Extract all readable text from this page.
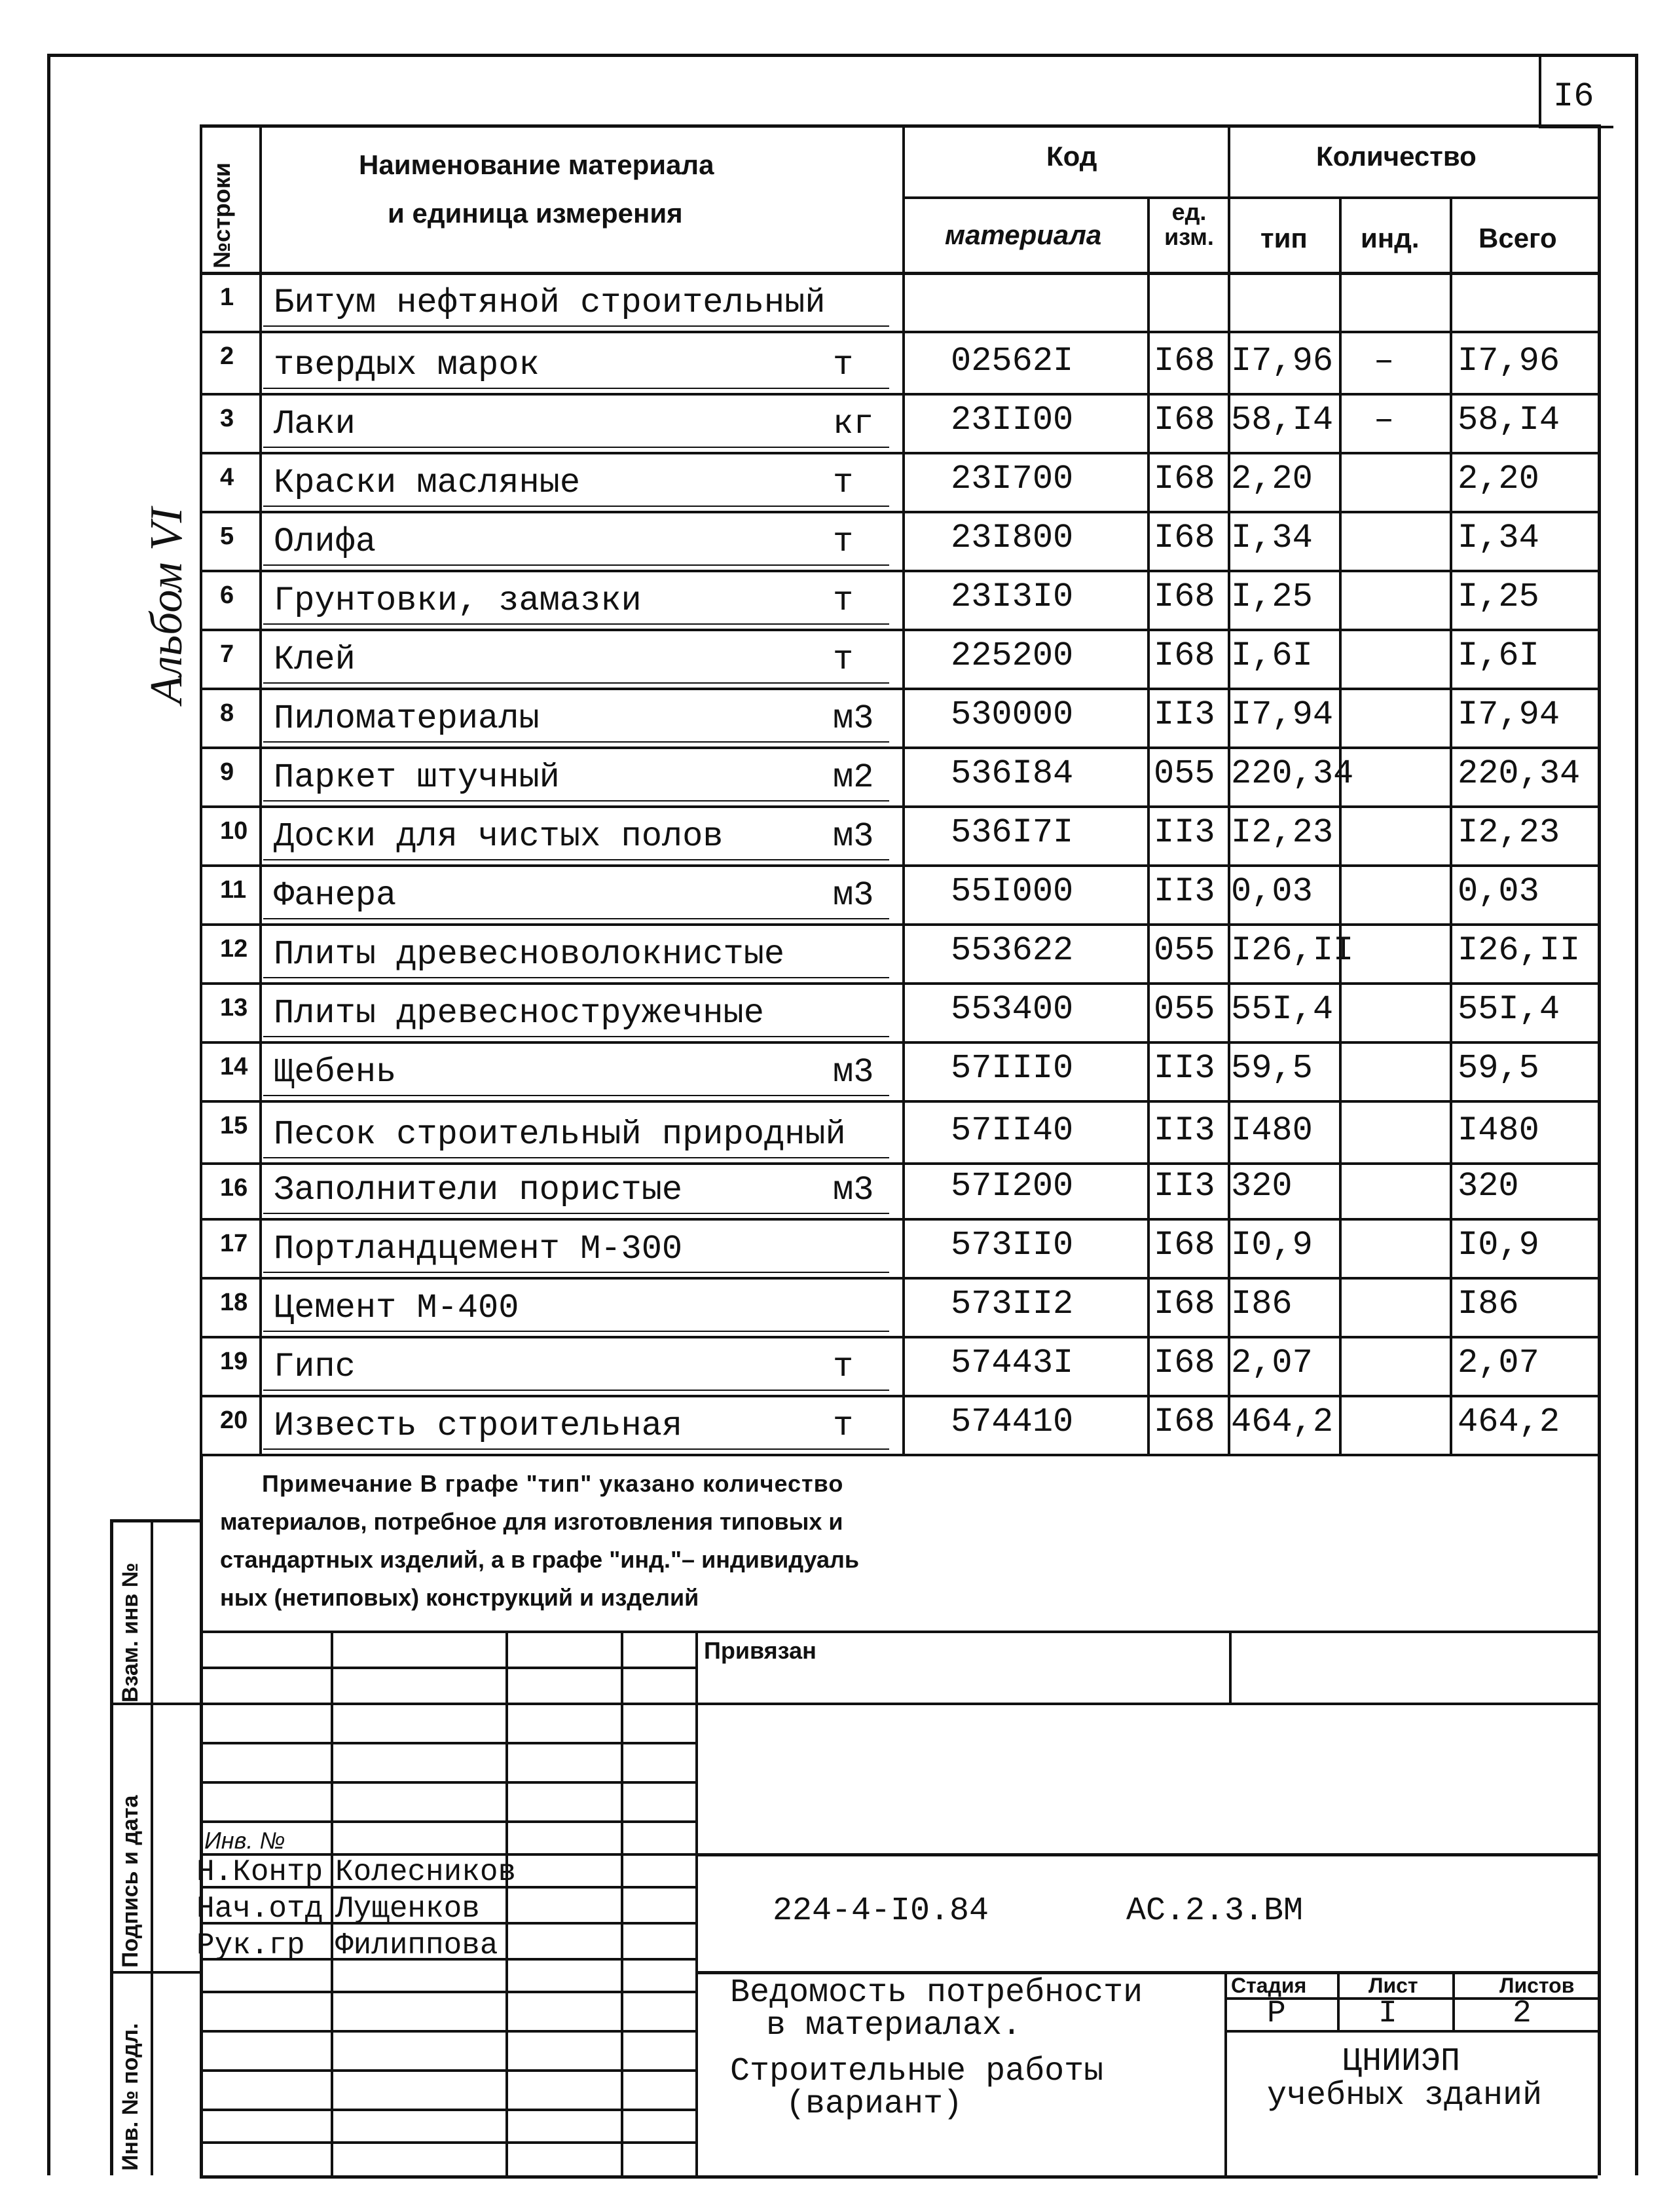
I6
Альбом VI
№строки	Наименование материала
и единица измерения
Код
материала
ед. изм.
Количество
тип инд. Всего
1 Битум нефтяной строительный
2 твердых марок	т	02562I I68 I7,96 – I7,96
3 Лаки	кг 23II00 I68 58,I4 – 58,I4
4 Краски масляные	т	23I700 I68 2,20	2,20
5 Олифа	т	23I800 I68 I,34	I,34
6 Грунтовки, замазки	т	23I3I0 I68 I,25	I,25
7 Клей	т	225200 I68 I,6I	I,6I
8 Пиломатериалы	м3 530000 II3 I7,94	I7,94
9 Паркет штучный	м2 536I84 055 220,34	220,34
10 Доски для чистых полов	м3 536I7I II3 I2,23	I2,23
11 Фанера	м3 55I000 II3 0,03	0,03
12 Плиты древесноволокнистые	553622 055 I26,II	I26,II
13 Плиты древесностружечные	553400 055 55I,4	55I,4
14 Щебень	м3 57III0 II3 59,5	59,5
15 Песок строительный природный	57II40 II3 I480	I480
16 Заполнители пористые	м3 57I200 II3 320	320
17 Портландцемент М-300	573II0 I68 I0,9	I0,9
18 Цемент М-400	573II2 I68 I86	I86
19 Гипс	т	57443I I68 2,07	2,07
20 Известь строительная	т	574410 I68 464,2	464,2
Примечание В графе "тип" указано количество
материалов, потребное для изготовления типовых и
стандартных изделий, а в графе "инд."– индивидуаль
ных (нетиповых) конструкций и изделий
Привязан
Инв. №
Н.Контр Колесников
Нач.отд Лущенков
Рук.гр Филиппова
224-4-I0.84	АС.2.3.ВМ
Ведомость потребности
в материалах.
Строительные работы
(вариант)
Стадия	Лист	Листов
Р	I	2
ЦНИИЭП
учебных зданий
Взам. инв №
Подпись и дата
Инв. № подл.
